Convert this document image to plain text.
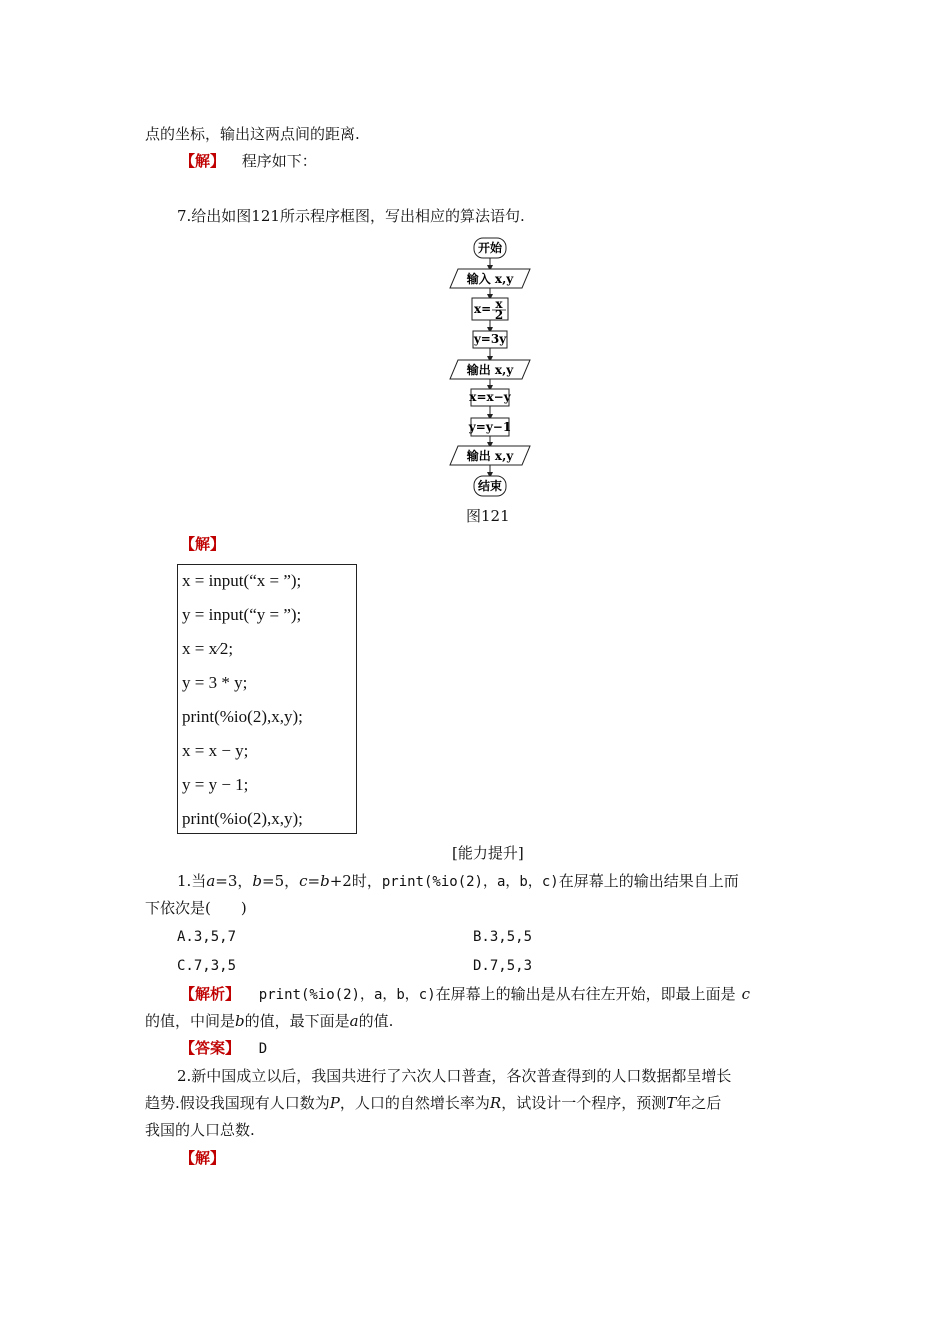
点的坐标，输出这两点间的距离.
【解】 程序如下：
7.给出如图121所示程序框图，写出相应的算法语句.
开始
输入 x,y
x= x
2
y=3y
输出 x,y
x=x−y
y=y−1
输出 x,y
结束
图121
【解】
x = input(“x = ”);
y = input(“y = ”);
x = x∕2;
y = 3 * y;
print(%io(2),x,y);
x = x − y;
y = y − 1;
print(%io(2),x,y);
[能力提升]
1.当a=3，b=5，c=b+2时，print(%io(2)，a，b，c)在屏幕上的输出结果自上而
下依次是(　　)
A.3,5,7	B.3,5,5
C.7,3,5	D.7,5,3
【解析】 print(%io(2)，a，b，c)在屏幕上的输出是从右往左开始，即最上面是 c
的值，中间是b的值，最下面是a的值.
【答案】 D
2.新中国成立以后，我国共进行了六次人口普查，各次普查得到的人口数据都呈增长
趋势.假设我国现有人口数为P，人口的自然增长率为R，试设计一个程序，预测T年之后
我国的人口总数.
【解】
